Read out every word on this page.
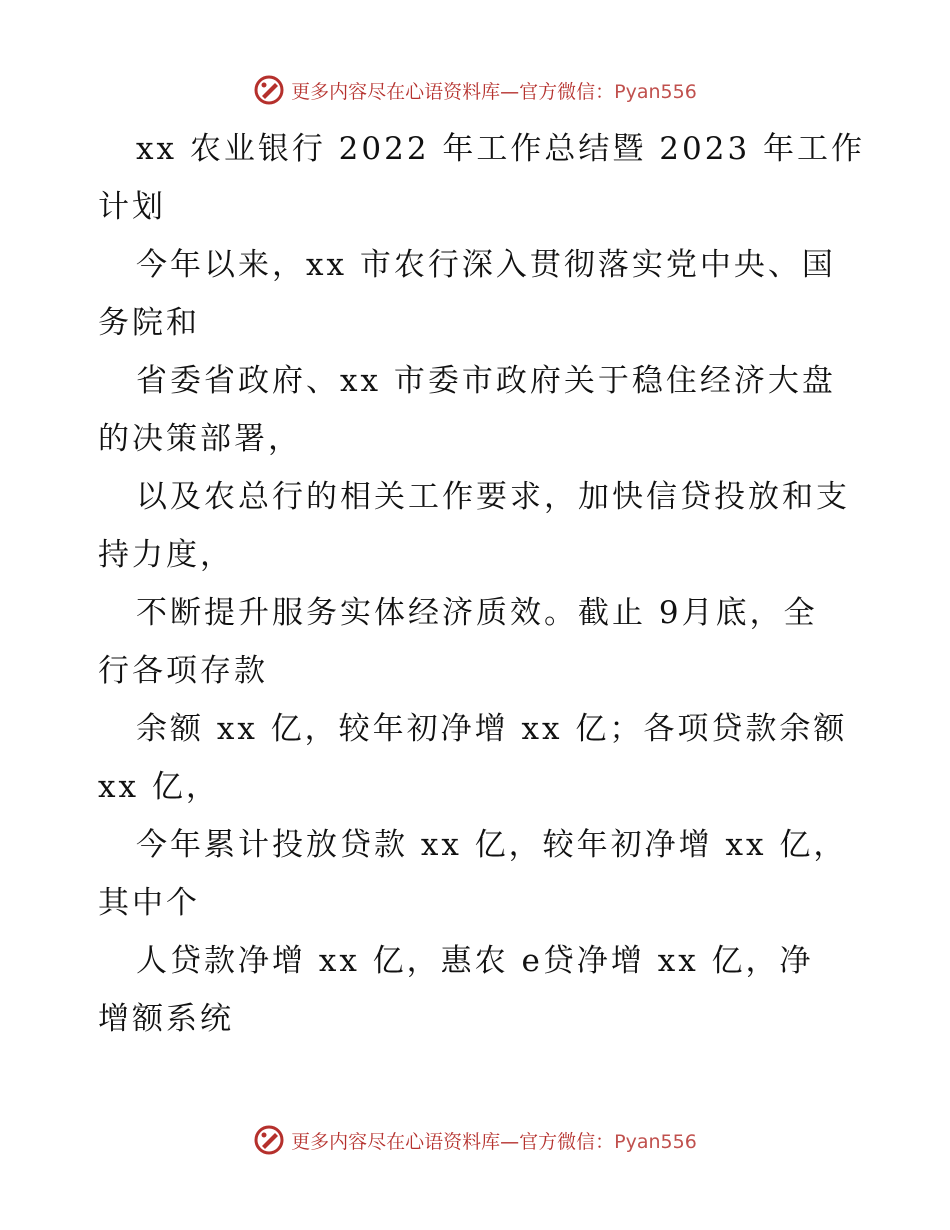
更多内容尽在心语资料库—官方微信：Pyan556

xx 农业银行 2022 年工作总结暨 2023 年工作

计划

今年以来，xx 市农行深入贯彻落实党中央、国

务院和

省委省政府、xx 市委市政府关于稳住经济大盘

的决策部署，

以及农总行的相关工作要求，加快信贷投放和支

持力度，

不断提升服务实体经济质效。截止 9月底，全

行各项存款

余额 xx 亿，较年初净增 xx 亿；各项贷款余额

xx 亿，

今年累计投放贷款 xx 亿，较年初净增 xx 亿，

其中个

人贷款净增 xx 亿，惠农 e贷净增 xx 亿，净

增额系统

更多内容尽在心语资料库—官方微信：Pyan556
